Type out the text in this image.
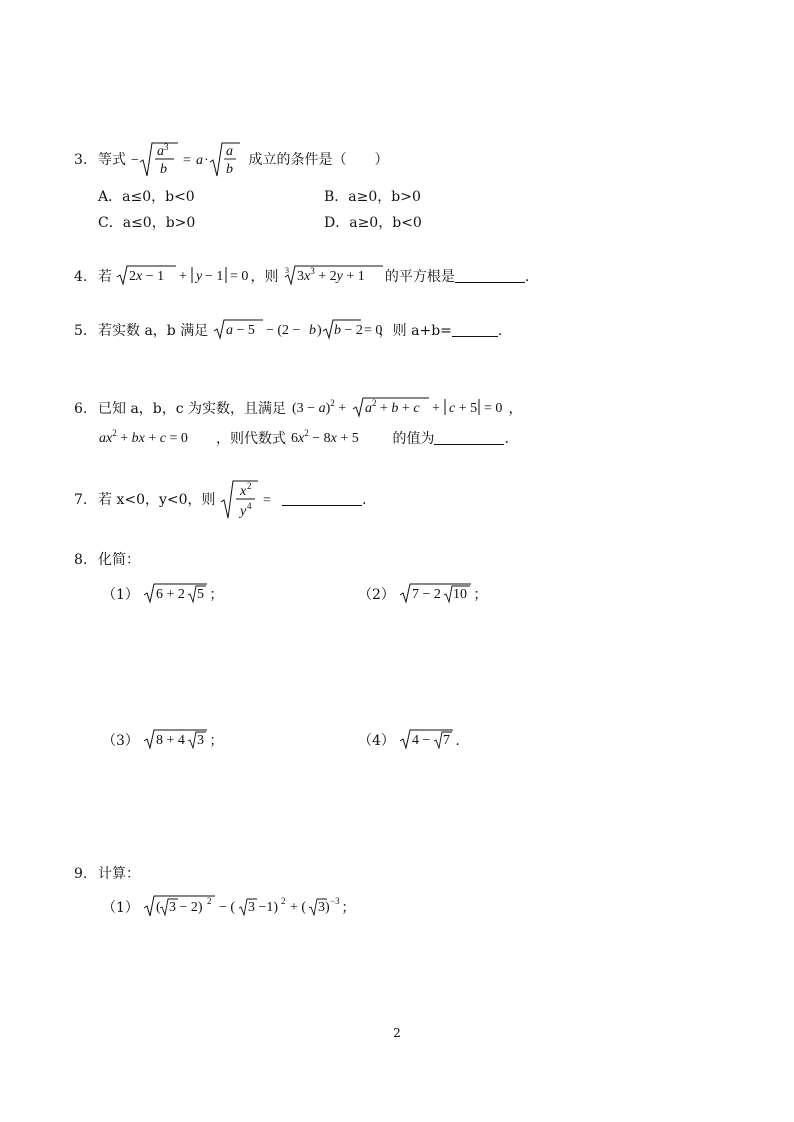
3. 等式 −
a 3
b
= a ·
a
b
成立的条件是（　　）
A．a≤0，b<0	B．a≥0，b>0
C．a≤0，b>0	D．a≥0，b<0
4. 若 2x − 1 + y − 1 = 0 ，则 3 $3x^3 + 2y + 1$ 的平方根是	.
5. 若实数 a，b 满足 a − 5 − (2 − b ) b − 2 = 0
，则 a+b=	.
6. 已知 a，b，c 为实数，且满足 $(3 - a)^2 + a^2 + b + c + c + 5 = 0$ ，
$ax^2$ + bx + c = 0 ，则代数式 $6x^2 - 8x + 5$ 的值为	.
7. 若 x<0，y<0，则
x 2
y 4 =	.
8. 化简：
（1） 6 + 2 5 ；	（2） 7 − 2 10 ；
（3） 8 + 4 3 ；	（4） 4 − 7 .
9. 计算：
（1） ( 3 − 2) 2 − ( 3 −1) 2 + ( 3) −3 ；
2
